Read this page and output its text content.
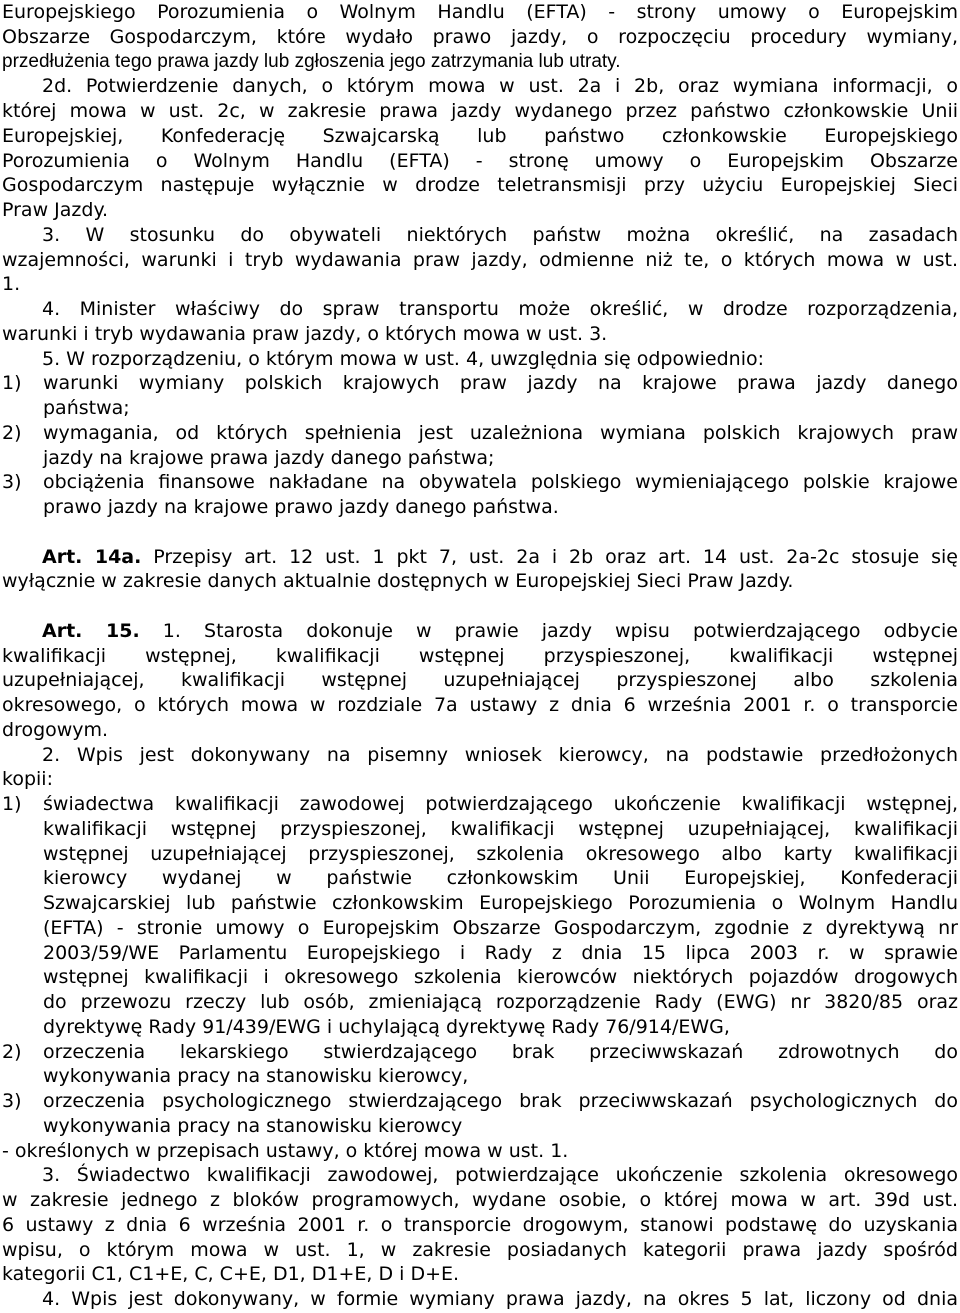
Europejskiego Porozumienia o Wolnym Handlu (EFTA) - strony umowy o Europejskim
Obszarze Gospodarczym, które wydało prawo jazdy, o rozpoczęciu procedury wymiany,
przedłużenia tego prawa jazdy lub zgłoszenia jego zatrzymania lub utraty.
2d. Potwierdzenie danych, o którym mowa w ust. 2a i 2b, oraz wymiana informacji, o
której mowa w ust. 2c, w zakresie prawa jazdy wydanego przez państwo członkowskie Unii
Europejskiej, Konfederację Szwajcarską lub państwo członkowskie Europejskiego
Porozumienia o Wolnym Handlu (EFTA) - stronę umowy o Europejskim Obszarze
Gospodarczym następuje wyłącznie w drodze teletransmisji przy użyciu Europejskiej Sieci
Praw Jazdy.
3. W stosunku do obywateli niektórych państw można określić, na zasadach
wzajemności, warunki i tryb wydawania praw jazdy, odmienne niż te, o których mowa w ust.
1.
4. Minister właściwy do spraw transportu może określić, w drodze rozporządzenia,
warunki i tryb wydawania praw jazdy, o których mowa w ust. 3.
5. W rozporządzeniu, o którym mowa w ust. 4, uwzględnia się odpowiednio:
1) warunki wymiany polskich krajowych praw jazdy na krajowe prawa jazdy danego
państwa;
2) wymagania, od których spełnienia jest uzależniona wymiana polskich krajowych praw
jazdy na krajowe prawa jazdy danego państwa;
3) obciążenia finansowe nakładane na obywatela polskiego wymieniającego polskie krajowe
prawo jazdy na krajowe prawo jazdy danego państwa.
Art. 14a. Przepisy art. 12 ust. 1 pkt 7, ust. 2a i 2b oraz art. 14 ust. 2a-2c stosuje się
wyłącznie w zakresie danych aktualnie dostępnych w Europejskiej Sieci Praw Jazdy.
Art. 15. 1. Starosta dokonuje w prawie jazdy wpisu potwierdzającego odbycie
kwalifikacji wstępnej, kwalifikacji wstępnej przyspieszonej, kwalifikacji wstępnej
uzupełniającej, kwalifikacji wstępnej uzupełniającej przyspieszonej albo szkolenia
okresowego, o których mowa w rozdziale 7a ustawy z dnia 6 września 2001 r. o transporcie
drogowym.
2. Wpis jest dokonywany na pisemny wniosek kierowcy, na podstawie przedłożonych
kopii:
1) świadectwa kwalifikacji zawodowej potwierdzającego ukończenie kwalifikacji wstępnej,
kwalifikacji wstępnej przyspieszonej, kwalifikacji wstępnej uzupełniającej, kwalifikacji
wstępnej uzupełniającej przyspieszonej, szkolenia okresowego albo karty kwalifikacji
kierowcy wydanej w państwie członkowskim Unii Europejskiej, Konfederacji
Szwajcarskiej lub państwie członkowskim Europejskiego Porozumienia o Wolnym Handlu
(EFTA) - stronie umowy o Europejskim Obszarze Gospodarczym, zgodnie z dyrektywą nr
2003/59/WE Parlamentu Europejskiego i Rady z dnia 15 lipca 2003 r. w sprawie
wstępnej kwalifikacji i okresowego szkolenia kierowców niektórych pojazdów drogowych
do przewozu rzeczy lub osób, zmieniającą rozporządzenie Rady (EWG) nr 3820/85 oraz
dyrektywę Rady 91/439/EWG i uchylającą dyrektywę Rady 76/914/EWG,
2) orzeczenia lekarskiego stwierdzającego brak przeciwwskazań zdrowotnych do
wykonywania pracy na stanowisku kierowcy,
3) orzeczenia psychologicznego stwierdzającego brak przeciwwskazań psychologicznych do
wykonywania pracy na stanowisku kierowcy
- określonych w przepisach ustawy, o której mowa w ust. 1.
3. Świadectwo kwalifikacji zawodowej, potwierdzające ukończenie szkolenia okresowego
w zakresie jednego z bloków programowych, wydane osobie, o której mowa w art. 39d ust.
6 ustawy z dnia 6 września 2001 r. o transporcie drogowym, stanowi podstawę do uzyskania
wpisu, o którym mowa w ust. 1, w zakresie posiadanych kategorii prawa jazdy spośród
kategorii C1, C1+E, C, C+E, D1, D1+E, D i D+E.
4. Wpis jest dokonywany, w formie wymiany prawa jazdy, na okres 5 lat, liczony od dnia
